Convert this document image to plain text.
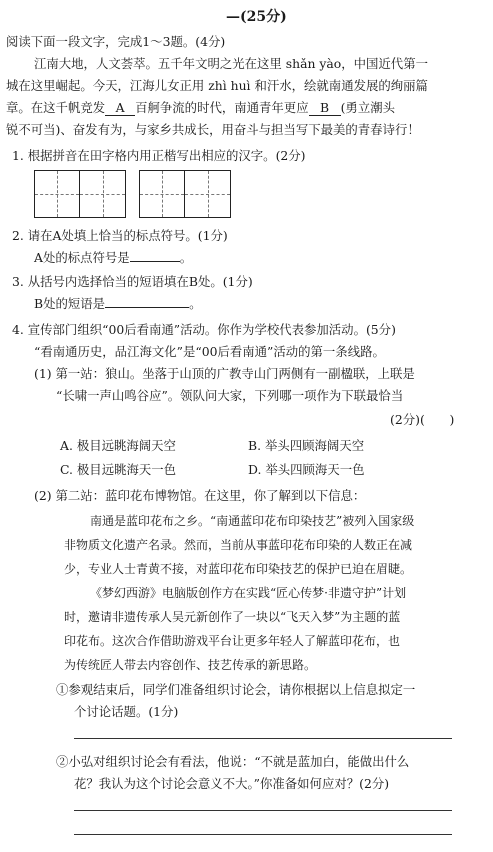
—(25分)
阅读下面一段文字，完成1～3题。(4分)
江南大地，人文荟萃。五千年文明之光在这里 shǎn yào，中国近代第一
城在这里崛起。今天，江海儿女正用 zhì huì 和汗水，绘就南通发展的绚丽篇
章。在这千帆竞发 A 百舸争流的时代，南通青年更应 B (勇立潮头
锐不可当)、奋发有为，与家乡共成长，用奋斗与担当写下最美的青春诗行！
1. 根据拼音在田字格内用正楷写出相应的汉字。(2分)
2. 请在A处填上恰当的标点符号。(1分)
A处的标点符号是	。
3. 从括号内选择恰当的短语填在B处。(1分)
B处的短语是	。
4. 宣传部门组织“00后看南通”活动。你作为学校代表参加活动。(5分)
“看南通历史，品江海文化”是“00后看南通”活动的第一条线路。
(1) 第一站：狼山。坐落于山顶的广教寺山门两侧有一副楹联，上联是
“长啸一声山鸣谷应”。领队问大家，下列哪一项作为下联最恰当
(2分)(　　)
A. 极目远眺海阔天空	B. 举头四顾海阔天空
C. 极目远眺海天一色	D. 举头四顾海天一色
(2) 第二站：蓝印花布博物馆。在这里，你了解到以下信息：
南通是蓝印花布之乡。“南通蓝印花布印染技艺”被列入国家级
非物质文化遗产名录。然而，当前从事蓝印花布印染的人数正在减
少，专业人士青黄不接，对蓝印花布印染技艺的保护已迫在眉睫。
《梦幻西游》电脑版创作方在实践“匠心传梦·非遗守护”计划
时，邀请非遗传承人吴元新创作了一块以“飞天入梦”为主题的蓝
印花布。这次合作借助游戏平台让更多年轻人了解蓝印花布，也
为传统匠人带去内容创作、技艺传承的新思路。
①参观结束后，同学们准备组织讨论会，请你根据以上信息拟定一
个讨论话题。(1分)
②小弘对组织讨论会有看法，他说：“不就是蓝加白，能做出什么
花？我认为这个讨论会意义不大。”你准备如何应对？(2分)
